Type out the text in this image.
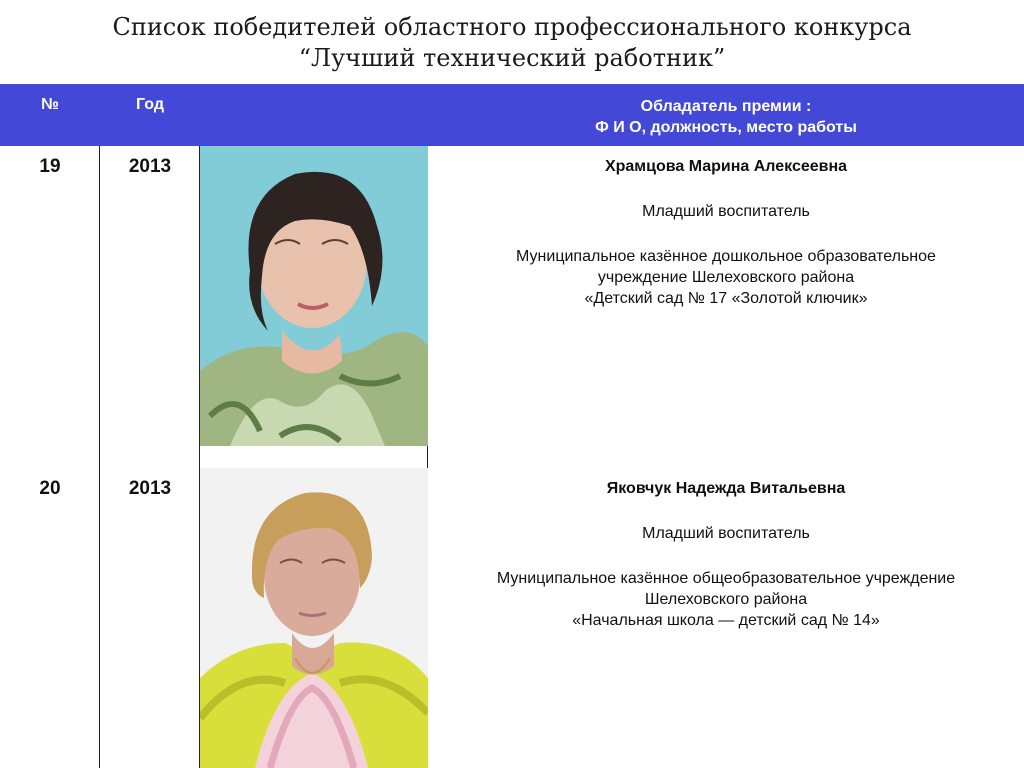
Список победителей областного профессионального конкурса
“Лучший технический работник”
№	Год	Обладатель премии :
Ф И О, должность, место работы
19	2013	Храмцова Марина Алексеевна
Младший воспитатель
Муниципальное казённое дошкольное образовательное
учреждение Шелеховского района
«Детский сад № 17 «Золотой ключик»
20	2013	Яковчук Надежда Витальевна
Младший воспитатель
Муниципальное казённое общеобразовательное учреждение
Шелеховского района
«Начальная школа — детский сад № 14»
